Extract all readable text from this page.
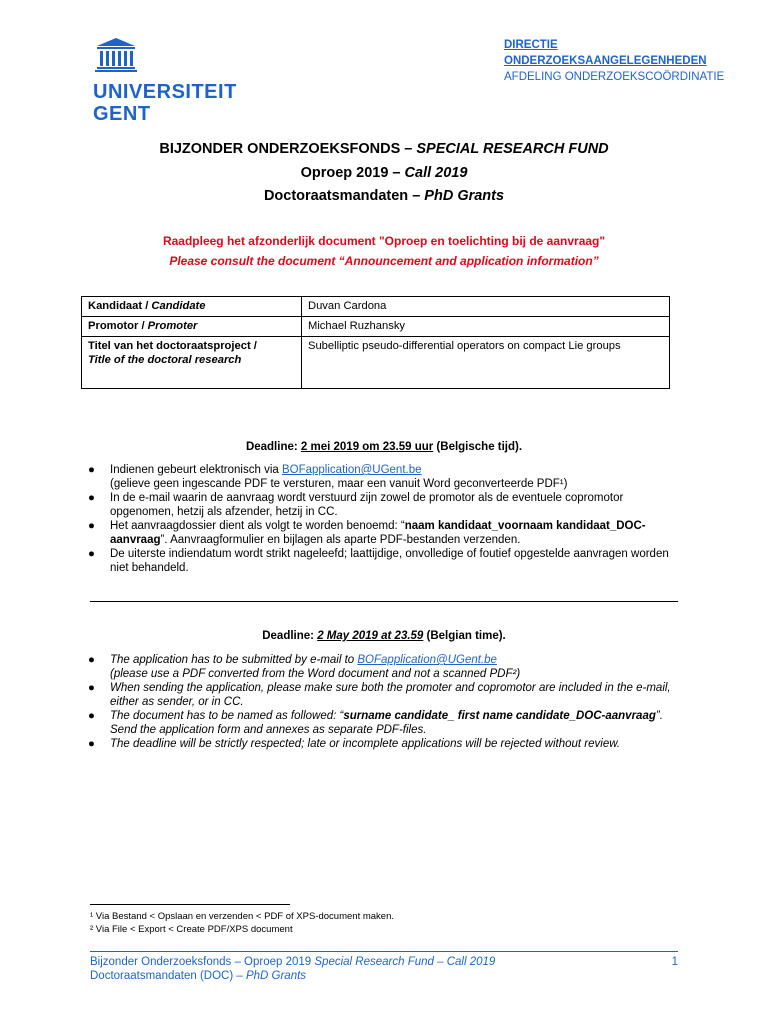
UNIVERSITEIT
GENT
DIRECTIE
ONDERZOEKSAANGELEGENHEDEN
AFDELING ONDERZOEKSCOÖRDINATIE
BIJZONDER ONDERZOEKSFONDS – SPECIAL RESEARCH FUND
Oproep 2019 – Call 2019
Doctoraatsmandaten – PhD Grants
Raadpleeg het afzonderlijk document "Oproep en toelichting bij de aanvraag"
Please consult the document “Announcement and application information”
Kandidaat / Candidate	Duvan Cardona
Promotor / Promoter	Michael Ruzhansky
Titel van het doctoraatsproject /
Title of the doctoral research	Subelliptic pseudo-differential operators on compact Lie groups
Deadline: 2 mei 2019 om 23.59 uur (Belgische tijd).
● Indienen gebeurt elektronisch via BOFapplication@UGent.be
(gelieve geen ingescande PDF te versturen, maar een vanuit Word geconverteerde PDF¹)
● In de e-mail waarin de aanvraag wordt verstuurd zijn zowel de promotor als de eventuele copromotor opgenomen, hetzij als afzender, hetzij in CC.
● Het aanvraagdossier dient als volgt te worden benoemd: “naam kandidaat_voornaam kandidaat_DOC-aanvraag”. Aanvraagformulier en bijlagen als aparte PDF-bestanden verzenden.
● De uiterste indiendatum wordt strikt nageleefd; laattijdige, onvolledige of foutief opgestelde aanvragen worden niet behandeld.
Deadline: 2 May 2019 at 23.59 (Belgian time).
● The application has to be submitted by e-mail to BOFapplication@UGent.be
(please use a PDF converted from the Word document and not a scanned PDF²)
● When sending the application, please make sure both the promoter and copromotor are included in the e-mail, either as sender, or in CC.
● The document has to be named as followed: “surname candidate_ first name candidate_DOC-aanvraag”. Send the application form and annexes as separate PDF-files.
● The deadline will be strictly respected; late or incomplete applications will be rejected without review.
¹ Via Bestand < Opslaan en verzenden < PDF of XPS-document maken.
² Via File < Export < Create PDF/XPS document
Bijzonder Onderzoeksfonds – Oproep 2019 Special Research Fund – Call 2019
Doctoraatsmandaten (DOC) – PhD Grants
1
